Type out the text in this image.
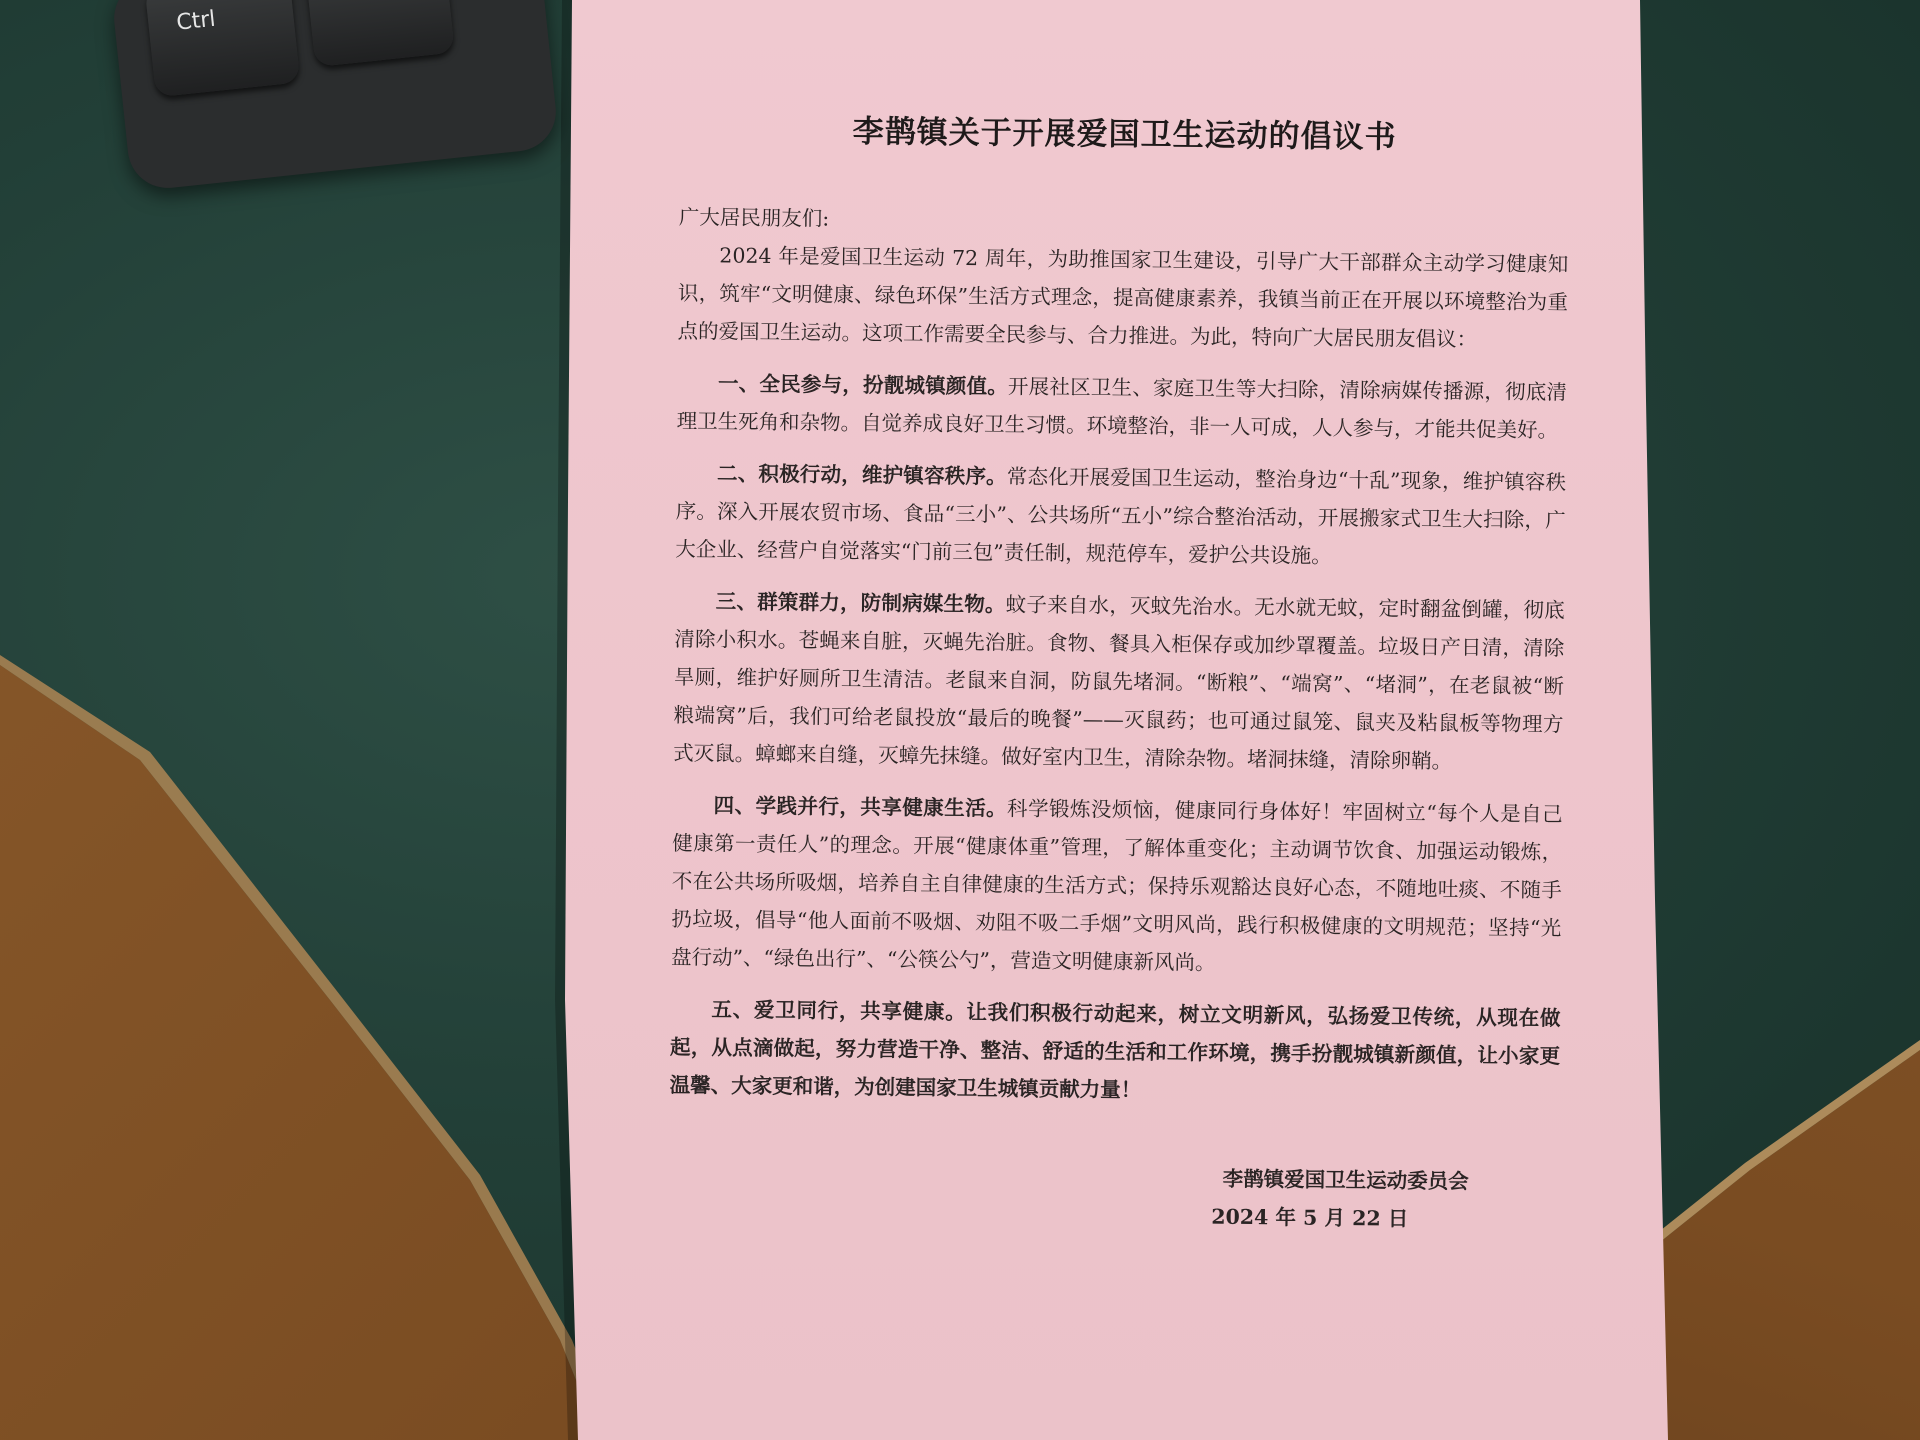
Ctrl
李鹊镇关于开展爱国卫生运动的倡议书

广大居民朋友们:

2024 年是爱国卫生运动 72 周年，为助推国家卫生建设，引导广大干部群众主动学习健康知识，筑牢“文明健康、绿色环保”生活方式理念，提高健康素养，我镇当前正在开展以环境整治为重点的爱国卫生运动。这项工作需要全民参与、合力推进。为此，特向广大居民朋友倡议：

一、全民参与，扮靓城镇颜值。开展社区卫生、家庭卫生等大扫除，清除病媒传播源，彻底清理卫生死角和杂物。自觉养成良好卫生习惯。环境整治，非一人可成，人人参与，才能共促美好。

二、积极行动，维护镇容秩序。常态化开展爱国卫生运动，整治身边“十乱”现象，维护镇容秩序。深入开展农贸市场、食品“三小”、公共场所“五小”综合整治活动，开展搬家式卫生大扫除，广大企业、经营户自觉落实“门前三包”责任制，规范停车，爱护公共设施。

三、群策群力，防制病媒生物。蚊子来自水，灭蚊先治水。无水就无蚊，定时翻盆倒罐，彻底清除小积水。苍蝇来自脏，灭蝇先治脏。食物、餐具入柜保存或加纱罩覆盖。垃圾日产日清，清除旱厕，维护好厕所卫生清洁。老鼠来自洞，防鼠先堵洞。“断粮”、“端窝”、“堵洞”，在老鼠被“断粮端窝”后，我们可给老鼠投放“最后的晚餐”——灭鼠药；也可通过鼠笼、鼠夹及粘鼠板等物理方式灭鼠。蟑螂来自缝，灭蟑先抹缝。做好室内卫生，清除杂物。堵洞抹缝，清除卵鞘。

四、学践并行，共享健康生活。科学锻炼没烦恼，健康同行身体好！牢固树立“每个人是自己健康第一责任人”的理念。开展“健康体重”管理，了解体重变化；主动调节饮食、加强运动锻炼，不在公共场所吸烟，培养自主自律健康的生活方式；保持乐观豁达良好心态，不随地吐痰、不随手扔垃圾，倡导“他人面前不吸烟、劝阻不吸二手烟”文明风尚，践行积极健康的文明规范；坚持“光盘行动”、“绿色出行”、“公筷公勺”，营造文明健康新风尚。

五、爱卫同行，共享健康。让我们积极行动起来，树立文明新风，弘扬爱卫传统，从现在做起，从点滴做起，努力营造干净、整洁、舒适的生活和工作环境，携手扮靓城镇新颜值，让小家更温馨、大家更和谐，为创建国家卫生城镇贡献力量！

李鹊镇爱国卫生运动委员会
2024 年 5 月 22 日
